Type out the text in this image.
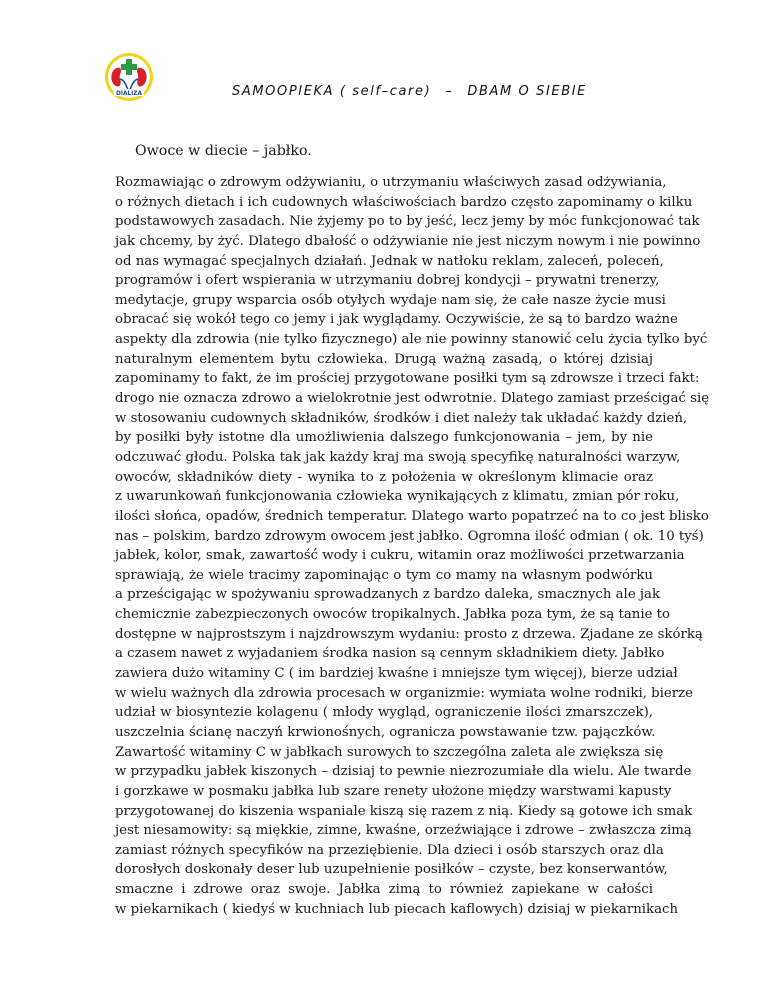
DIALIZA	SAMOOPIEKA ( self–care) – DBAM O SIEBIE
Owoce w diecie – jabłko.
Rozmawiając o zdrowym odżywianiu, o utrzymaniu właściwych zasad odżywiania,
o różnych dietach i ich cudownych właściwościach bardzo często zapominamy o kilku
podstawowych zasadach. Nie żyjemy po to by jeść, lecz jemy by móc funkcjonować tak
jak chcemy, by żyć. Dlatego dbałość o odżywianie nie jest niczym nowym i nie powinno
od nas wymagać specjalnych działań. Jednak w natłoku reklam, zaleceń, poleceń,
programów i ofert wspierania w utrzymaniu dobrej kondycji – prywatni trenerzy,
medytacje, grupy wsparcia osób otyłych wydaje nam się, że całe nasze życie musi
obracać się wokół tego co jemy i jak wyglądamy. Oczywiście, że są to bardzo ważne
aspekty dla zdrowia (nie tylko fizycznego) ale nie powinny stanowić celu życia tylko być
naturalnym elementem bytu człowieka. Drugą ważną zasadą, o której dzisiaj
zapominamy to fakt, że im prościej przygotowane posiłki tym są zdrowsze i trzeci fakt:
drogo nie oznacza zdrowo a wielokrotnie jest odwrotnie. Dlatego zamiast prześcigać się
w stosowaniu cudownych składników, środków i diet należy tak układać każdy dzień,
by posiłki były istotne dla umożliwienia dalszego funkcjonowania – jem, by nie
odczuwać głodu. Polska tak jak każdy kraj ma swoją specyfikę naturalności warzyw,
owoców, składników diety - wynika to z położenia w określonym klimacie oraz
z uwarunkowań funkcjonowania człowieka wynikających z klimatu, zmian pór roku,
ilości słońca, opadów, średnich temperatur. Dlatego warto popatrzeć na to co jest blisko
nas – polskim, bardzo zdrowym owocem jest jabłko. Ogromna ilość odmian ( ok. 10 tyś)
jabłek, kolor, smak, zawartość wody i cukru, witamin oraz możliwości przetwarzania
sprawiają, że wiele tracimy zapominając o tym co mamy na własnym podwórku
a prześcigając w spożywaniu sprowadzanych z bardzo daleka, smacznych ale jak
chemicznie zabezpieczonych owoców tropikalnych. Jabłka poza tym, że są tanie to
dostępne w najprostszym i najzdrowszym wydaniu: prosto z drzewa. Zjadane ze skórką
a czasem nawet z wyjadaniem środka nasion są cennym składnikiem diety. Jabłko
zawiera dużo witaminy C ( im bardziej kwaśne i mniejsze tym więcej), bierze udział
w wielu ważnych dla zdrowia procesach w organizmie: wymiata wolne rodniki, bierze
udział w biosyntezie kolagenu ( młody wygląd, ograniczenie ilości zmarszczek),
uszczelnia ścianę naczyń krwionośnych, ogranicza powstawanie tzw. pajączków.
Zawartość witaminy C w jabłkach surowych to szczególna zaleta ale zwiększa się
w przypadku jabłek kiszonych – dzisiaj to pewnie niezrozumiałe dla wielu. Ale twarde
i gorzkawe w posmaku jabłka lub szare renety ułożone między warstwami kapusty
przygotowanej do kiszenia wspaniale kiszą się razem z nią. Kiedy są gotowe ich smak
jest niesamowity: są miękkie, zimne, kwaśne, orzeźwiające i zdrowe – zwłaszcza zimą
zamiast różnych specyfików na przeziębienie. Dla dzieci i osób starszych oraz dla
dorosłych doskonały deser lub uzupełnienie posiłków – czyste, bez konserwantów,
smaczne i zdrowe oraz swoje. Jabłka zimą to również zapiekane w całości
w piekarnikach ( kiedyś w kuchniach lub piecach kaflowych) dzisiaj w piekarnikach
